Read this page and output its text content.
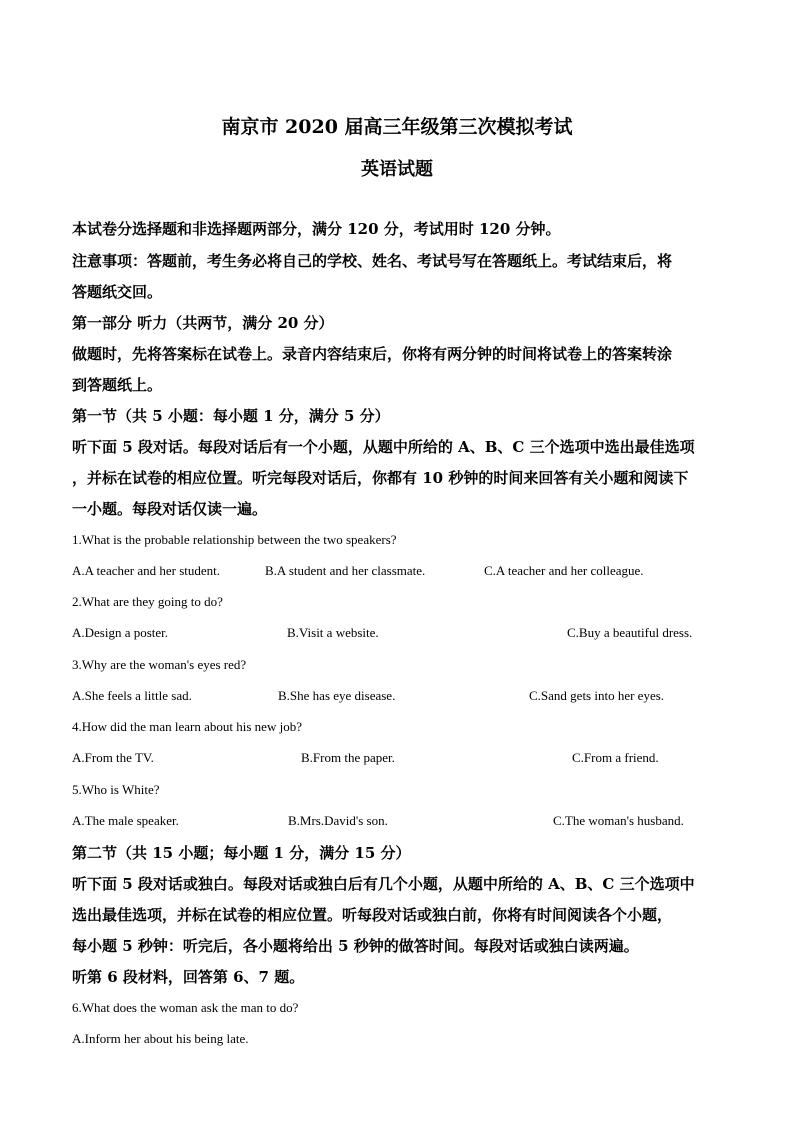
南京市 2020 届高三年级第三次模拟考试
英语试题
本试卷分选择题和非选择题两部分，满分 120 分，考试用时 120 分钟。
注意事项：答题前，考生务必将自己的学校、姓名、考试号写在答题纸上。考试结束后，将
答题纸交回。
第一部分 听力（共两节，满分 20 分）
做题时，先将答案标在试卷上。录音内容结束后，你将有两分钟的时间将试卷上的答案转涂
到答题纸上。
第一节（共 5 小题：每小题 1 分，满分 5 分）
听下面 5 段对话。每段对话后有一个小题，从题中所给的 A、B、C 三个选项中选出最佳选项
，并标在试卷的相应位置。听完每段对话后，你都有 10 秒钟的时间来回答有关小题和阅读下
一小题。每段对话仅读一遍。
1.What is the probable relationship between the two speakers?
A.A teacher and her student.	B.A student and her classmate.	C.A teacher and her colleague.
2.What are they going to do?
A.Design a poster.	B.Visit a website.	C.Buy a beautiful dress.
3.Why are the woman's eyes red?
A.She feels a little sad.	B.She has eye disease.	C.Sand gets into her eyes.
4.How did the man learn about his new job?
A.From the TV.	B.From the paper.	C.From a friend.
5.Who is White?
A.The male speaker.	B.Mrs.David's son.	C.The woman's husband.
第二节（共 15 小题；每小题 1 分，满分 15 分）
听下面 5 段对话或独白。每段对话或独白后有几个小题，从题中所给的 A、B、C 三个选项中
选出最佳选项，并标在试卷的相应位置。听每段对话或独白前，你将有时间阅读各个小题，
每小题 5 秒钟：听完后，各小题将给出 5 秒钟的做答时间。每段对话或独白读两遍。
听第 6 段材料，回答第 6、7 题。
6.What does the woman ask the man to do?
A.Inform her about his being late.
